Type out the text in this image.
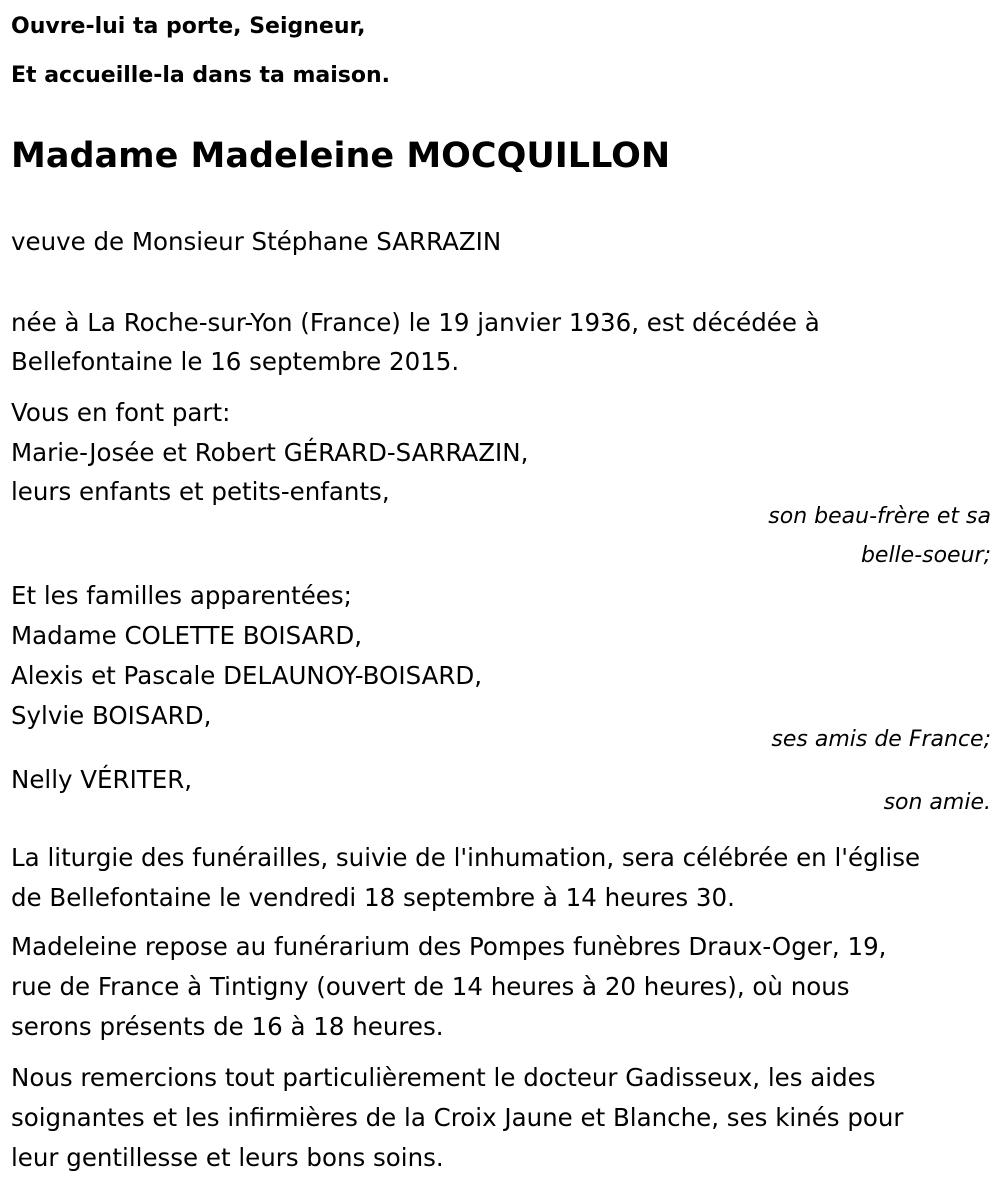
Ouvre-lui ta porte, Seigneur,
Et accueille-la dans ta maison.
Madame Madeleine MOCQUILLON
veuve de Monsieur Stéphane SARRAZIN
née à La Roche-sur-Yon (France) le 19 janvier 1936, est décédée à
Bellefontaine le 16 septembre 2015.
Vous en font part:
Marie-Josée et Robert GÉRARD-SARRAZIN,
leurs enfants et petits-enfants,
son beau-frère et sa
belle-soeur;
Et les familles apparentées;
Madame COLETTE BOISARD,
Alexis et Pascale DELAUNOY-BOISARD,
Sylvie BOISARD,
ses amis de France;
Nelly VÉRITER,
son amie.
La liturgie des funérailles, suivie de l'inhumation, sera célébrée en l'église
de Bellefontaine le vendredi 18 septembre à 14 heures 30.
Madeleine repose au funérarium des Pompes funèbres Draux-Oger, 19,
rue de France à Tintigny (ouvert de 14 heures à 20 heures), où nous
serons présents de 16 à 18 heures.
Nous remercions tout particulièrement le docteur Gadisseux, les aides
soignantes et les infirmières de la Croix Jaune et Blanche, ses kinés pour
leur gentillesse et leurs bons soins.
